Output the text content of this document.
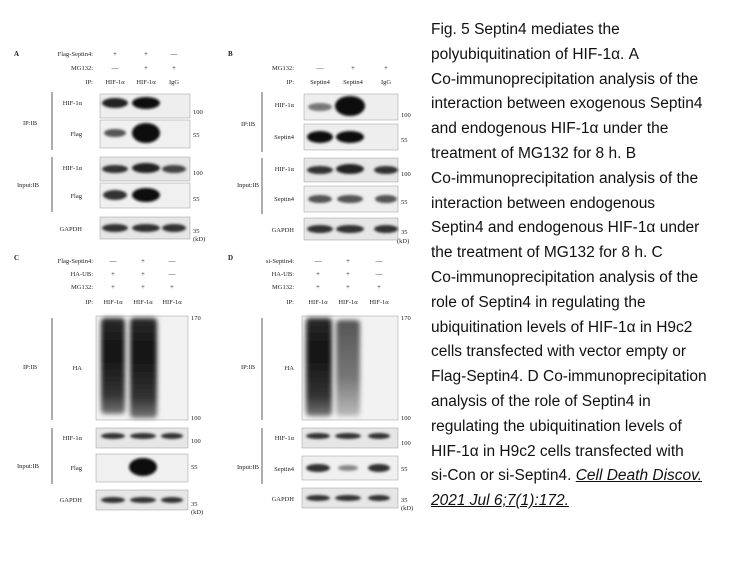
A	Flag-Septin4:	+	+	—
MG132:	—	+	+
IP: HIF-1α HIF-1α IgG
IP:IB
Input:IB
HIF-1α
100
Flag	55
HIF-1α
100
Flag	55
GAPDH	35
(kD)
B
MG132:	—	+	+
IP: Septin4 Septin4	IgG
IP:IB
Input:IB
HIF-1α
100
Septin4	55
HIF-1α
100
Septin4	55
GAPDH	35
(kD)
C	Flag-Septin4: —	+	—
HA-UB:	+	+	—
MG132:	+	+	+
IP: HIF-1α HIF-1α HIF-1α
IP:IB
Input:IB
HA
170
100
HIF-1α	100
Flag	55
GAPDH
35
(kD)
D	si-Septin4:	—	+	—
HA-UB:	+	+	—
MG132:	+	+	+
IP: HIF-1α HIF-1α HIF-1α
IP:IB
Input:IB
HA
170
100
HIF-1α
100
Septin4	55
GAPDH	35
(kD)
Fig. 5 Septin4 mediates the
polyubiquitination of HIF-1α. A
Co-immunoprecipitation analysis of the
interaction between exogenous Septin4
and endogenous HIF-1α under the
treatment of MG132 for 8 h. B
Co-immunoprecipitation analysis of the
interaction between endogenous
Septin4 and endogenous HIF-1α under
the treatment of MG132 for 8 h. C
Co-immunoprecipitation analysis of the
role of Septin4 in regulating the
ubiquitination levels of HIF-1α in H9c2
cells transfected with vector empty or
Flag-Septin4. D Co-immunoprecipitation
analysis of the role of Septin4 in
regulating the ubiquitination levels of
HIF-1α in H9c2 cells transfected with
si-Con or si-Septin4. Cell Death Discov.
2021 Jul 6;7(1):172.
